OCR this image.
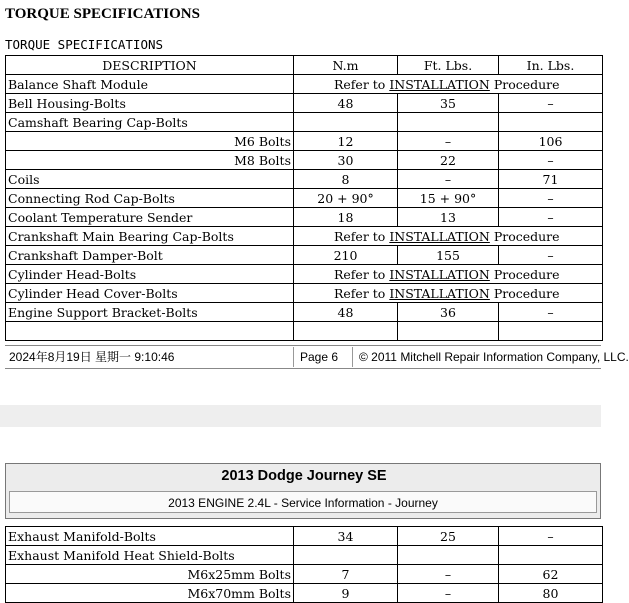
TORQUE SPECIFICATIONS
TORQUE SPECIFICATIONS
DESCRIPTION	N.m	Ft. Lbs.	In. Lbs.
Balance Shaft Module	Refer to INSTALLATION Procedure		
Bell Housing-Bolts	48	35	–
Camshaft Bearing Cap-Bolts			
M6 Bolts	12	–	106
M8 Bolts	30	22	–
Coils	8	–	71
Connecting Rod Cap-Bolts	20 + 90°	15 + 90°	–
Coolant Temperature Sender	18	13	–
Crankshaft Main Bearing Cap-Bolts	Refer to INSTALLATION Procedure		
Crankshaft Damper-Bolt	210	155	–
Cylinder Head-Bolts	Refer to INSTALLATION Procedure		
Cylinder Head Cover-Bolts	Refer to INSTALLATION Procedure		
Engine Support Bracket-Bolts	48	36	–

2024年8月19日 星期一 9:10:46	Page 6	© 2011 Mitchell Repair Information Company, LLC.
2013 Dodge Journey SE
2013 ENGINE 2.4L - Service Information - Journey
Exhaust Manifold-Bolts	34	25	–
Exhaust Manifold Heat Shield-Bolts			
M6x25mm Bolts	7	–	62
M6x70mm Bolts	9	–	80
